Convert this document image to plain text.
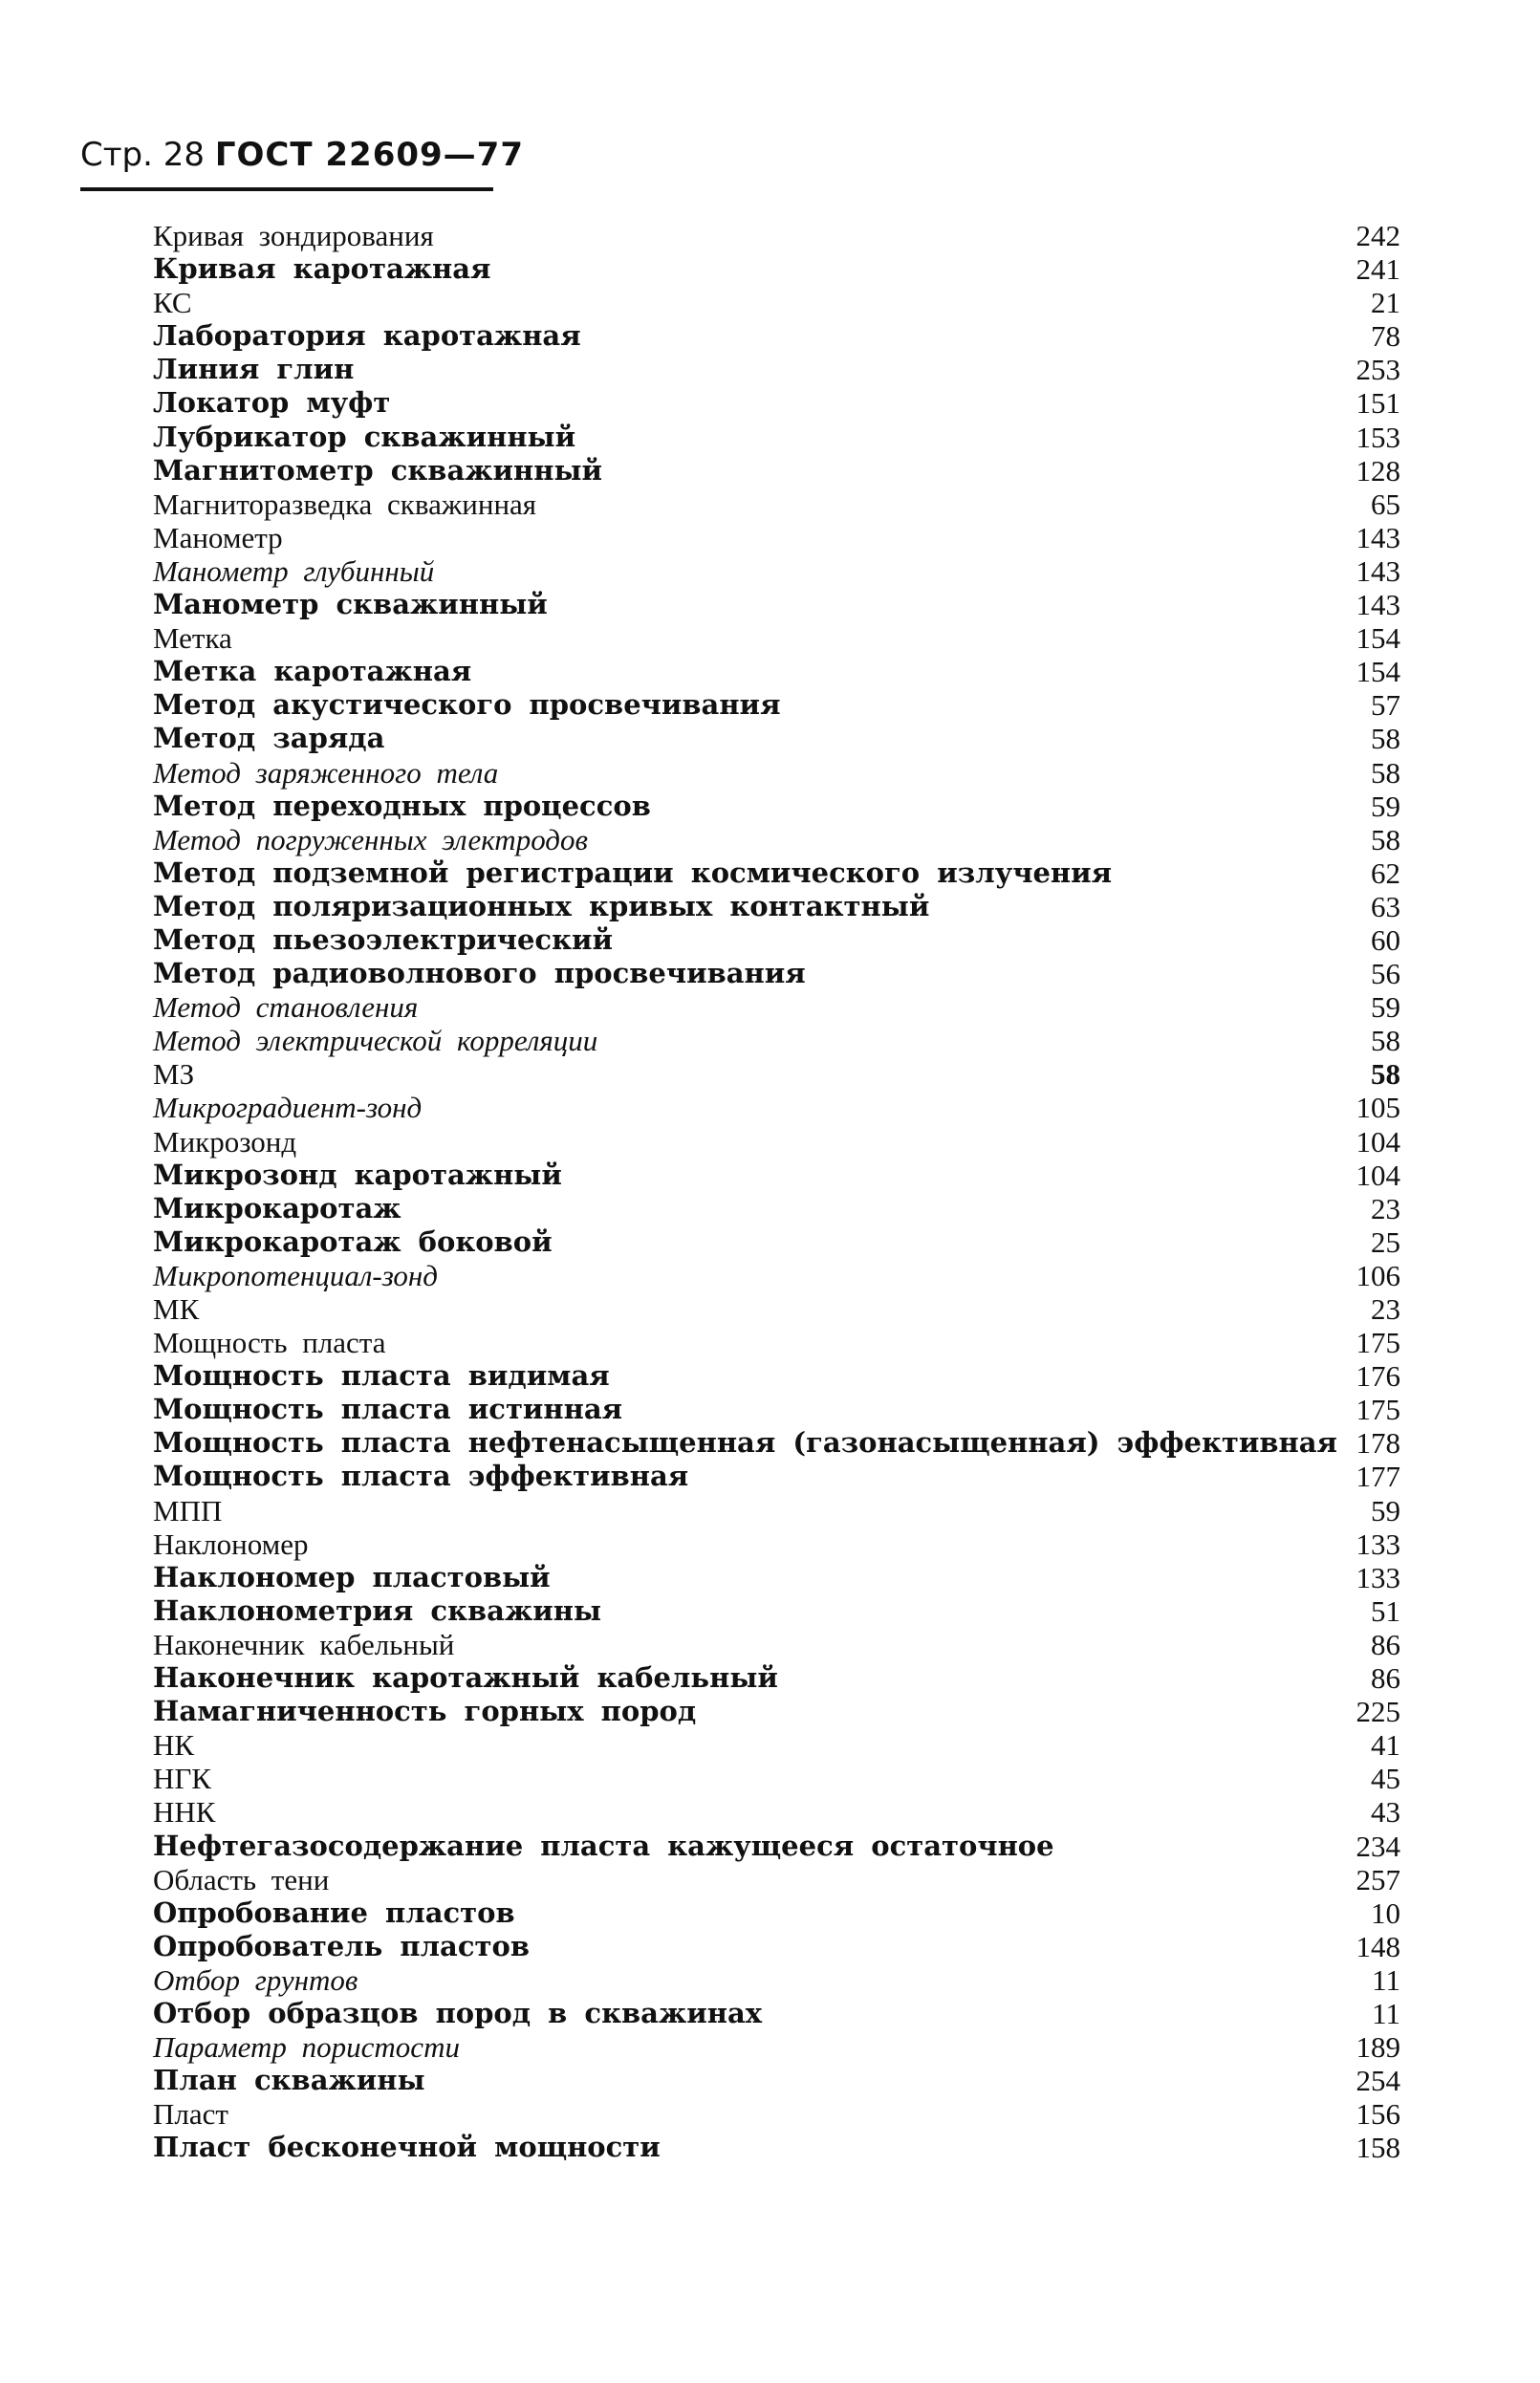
Стр. 28 ГОСТ 22609—77
Кривая зондирования	242
Кривая каротажная	241
КС	21
Лаборатория каротажная	78
Линия глин	253
Локатор муфт	151
Лубрикатор скважинный	153
Магнитометр скважинный	128
Магниторазведка скважинная	65
Манометр	143
Манометр глубинный	143
Манометр скважинный	143
Метка	154
Метка каротажная	154
Метод акустического просвечивания	57
Метод заряда	58
Метод заряженного тела	58
Метод переходных процессов	59
Метод погруженных электродов	58
Метод подземной регистрации космического излучения	62
Метод поляризационных кривых контактный	63
Метод пьезоэлектрический	60
Метод радиоволнового просвечивания	56
Метод становления	59
Метод электрической корреляции	58
МЗ	58
Микроградиент-зонд	105
Микрозонд	104
Микрозонд каротажный	104
Микрокаротаж	23
Микрокаротаж боковой	25
Микропотенциал-зонд	106
МК	23
Мощность пласта	175
Мощность пласта видимая	176
Мощность пласта истинная	175
Мощность пласта нефтенасыщенная (газонасыщенная) эффективная 178
Мощность пласта эффективная	177
МПП	59
Наклономер	133
Наклономер пластовый	133
Наклонометрия скважины	51
Наконечник кабельный	86
Наконечник каротажный кабельный	86
Намагниченность горных пород	225
НК	41
НГК	45
ННК	43
Нефтегазосодержание пласта кажущееся остаточное	234
Область тени	257
Опробование пластов	10
Опробователь пластов	148
Отбор грунтов	11
Отбор образцов пород в скважинах	11
Параметр пористости	189
План скважины	254
Пласт	156
Пласт бесконечной мощности	158
